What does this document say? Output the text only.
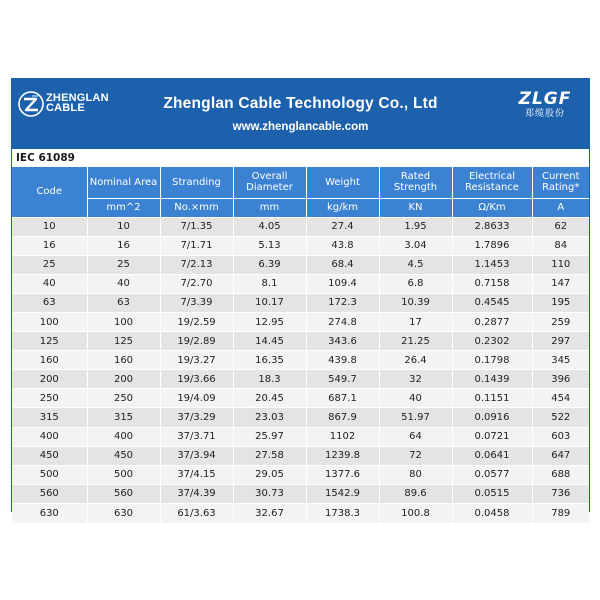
ZHENGLAN
CABLE	Zhenglan Cable Technology Co., Ltd
www.zhenglancable.com
ZLGF
郑缆股份
IEC 61089
Code	Nominal Area	Stranding	Overall Diameter	Weight	Rated Strength	Electrical Resistance	Current Rating*
	mm^2	No.×mm	mm	kg/km	KN	Ω/Km	A
10	10	7/1.35	4.05	27.4	1.95	2.8633	62
16	16	7/1.71	5.13	43.8	3.04	1.7896	84
25	25	7/2.13	6.39	68.4	4.5	1.1453	110
40	40	7/2.70	8.1	109.4	6.8	0.7158	147
63	63	7/3.39	10.17	172.3	10.39	0.4545	195
100	100	19/2.59	12.95	274.8	17	0.2877	259
125	125	19/2.89	14.45	343.6	21.25	0.2302	297
160	160	19/3.27	16.35	439.8	26.4	0.1798	345
200	200	19/3.66	18.3	549.7	32	0.1439	396
250	250	19/4.09	20.45	687.1	40	0.1151	454
315	315	37/3.29	23.03	867.9	51.97	0.0916	522
400	400	37/3.71	25.97	1102	64	0.0721	603
450	450	37/3.94	27.58	1239.8	72	0.0641	647
500	500	37/4.15	29.05	1377.6	80	0.0577	688
560	560	37/4.39	30.73	1542.9	89.6	0.0515	736
630	630	61/3.63	32.67	1738.3	100.8	0.0458	789
